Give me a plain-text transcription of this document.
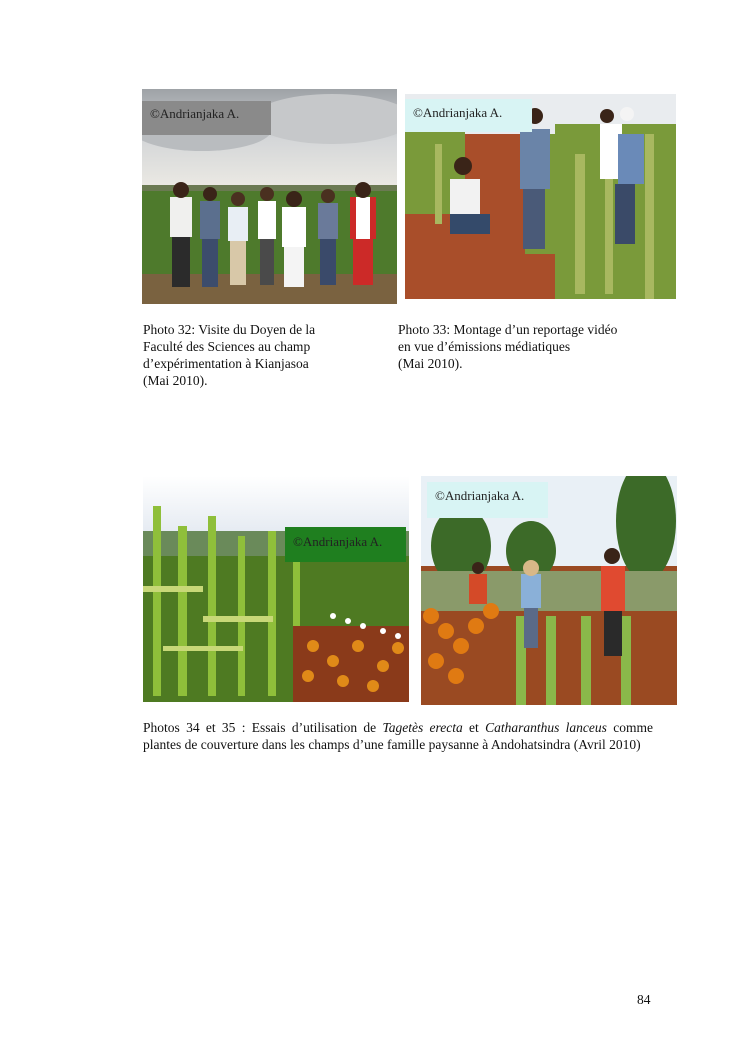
©Andrianjaka A.	©Andrianjaka A.
Photo 32: Visite du Doyen de la
Faculté des Sciences au champ
d’expérimentation à Kianjasoa
(Mai 2010).
Photo 33: Montage d’un reportage vidéo
en vue d’émissions médiatiques
(Mai 2010).
©Andrianjaka A.
©Andrianjaka A.
Photos 34 et 35 : Essais d’utilisation de Tagetès erecta et Catharanthus lanceus comme plantes de couverture dans les champs d’une famille paysanne à Andohatsindra (Avril 2010)
84
